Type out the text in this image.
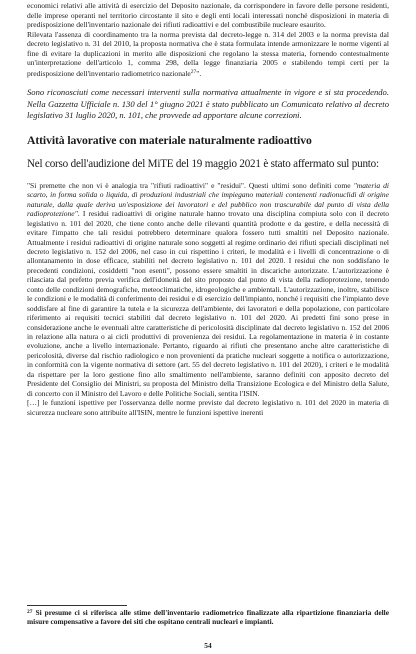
economici relativi alle attività di esercizio del Deposito nazionale, da corrispondere in favore delle persone residenti, delle imprese operanti nel territorio circostante il sito e degli enti locali interessati nonché disposizioni in materia di predisposizione dell'inventario nazionale dei rifiuti radioattivi e del combustibile nucleare esaurito.

Rilevata l'assenza di coordinamento tra la norma prevista dal decreto-legge n. 314 del 2003 e la norma prevista dal decreto legislativo n. 31 del 2010, la proposta normativa che è stata formulata intende armonizzare le norme vigenti al fine di evitare la duplicazioni in merito alle disposizioni che regolano la stessa materia, fornendo contestualmente un'interpretazione dell'articolo 1, comma 298, della legge finanziaria 2005 e stabilendo tempi certi per la predisposizione dell'inventario radiometrico nazionale$^{27}$".

Sono riconosciuti come necessari interventi sulla normativa attualmente in vigore e si sta procedendo. Nella Gazzetta Ufficiale n. 130 del 1° giugno 2021 è stato pubblicato un Comunicato relativo al decreto legislativo 31 luglio 2020, n. 101, che provvede ad apportare alcune correzioni.

Attività lavorative con materiale naturalmente radioattivo
Nel corso dell'audizione del MiTE del 19 maggio 2021 è stato affermato sul punto:

"Si premette che non vi è analogia tra "rifiuti radioattivi" e "residui". Questi ultimi sono definiti come "materia di scarto, in forma solida o liquida, di produzioni industriali che impiegano materiali contenenti radionuclidi di origine naturale, dalla quale deriva un'esposizione dei lavoratori e del pubblico non trascurabile dal punto di vista della radioprotezione". I residui radioattivi di origine naturale hanno trovato una disciplina compiuta solo con il decreto legislativo n. 101 del 2020, che tiene conto anche delle rilevanti quantità prodotte e da gestire, e della necessità di evitare l'impatto che tali residui potrebbero determinare qualora fossero tutti smaltiti nel Deposito nazionale. Attualmente i residui radioattivi di origine naturale sono soggetti al regime ordinario dei rifiuti speciali disciplinati nel decreto legislativo n. 152 del 2006, nel caso in cui rispettino i criteri, le modalità e i livelli di concentrazione o di allontanamento in dose efficace, stabiliti nel decreto legislativo n. 101 del 2020. I residui che non soddisfano le precedenti condizioni, cosiddetti "non esenti", possono essere smaltiti in discariche autorizzate. L'autorizzazione è rilasciata dal prefetto previa verifica dell'idoneità del sito proposto dal punto di vista della radioprotezione, tenendo conto delle condizioni demografiche, meteoclimatiche, idrogeologiche e ambientali. L'autorizzazione, inoltre, stabilisce le condizioni e le modalità di conferimento dei residui e di esercizio dell'impianto, nonché i requisiti che l'impianto deve soddisfare al fine di garantire la tutela e la sicurezza dell'ambiente, dei lavoratori e della popolazione, con particolare riferimento ai requisiti tecnici stabiliti dal decreto legislativo n. 101 del 2020. Ai predetti fini sono prese in considerazione anche le eventuali altre caratteristiche di pericolosità disciplinate dal decreto legislativo n. 152 del 2006 in relazione alla natura o ai cicli produttivi di provenienza dei residui. La regolamentazione in materia è in costante evoluzione, anche a livello internazionale. Pertanto, riguardo ai rifiuti che presentano anche altre caratteristiche di pericolosità, diverse dal rischio radiologico e non provenienti da pratiche nucleari soggette a notifica o autorizzazione, in conformità con la vigente normativa di settore (art. 55 del decreto legislativo n. 101 del 2020), i criteri e le modalità da rispettare per la loro gestione fino allo smaltimento nell'ambiente, saranno definiti con apposito decreto del Presidente del Consiglio dei Ministri, su proposta del Ministro della Transizione Ecologica e del Ministro della Salute, di concerto con il Ministro del Lavoro e delle Politiche Sociali, sentita l'ISIN.

[…] le funzioni ispettive per l'osservanza delle norme previste dal decreto legislativo n. 101 del 2020 in materia di sicurezza nucleare sono attribuite all'ISIN, mentre le funzioni ispettive inerenti

$^{27}$ Si presume ci si riferisca alle stime dell'inventario radiometrico finalizzate alla ripartizione finanziaria delle misure compensative a favore dei siti che ospitano centrali nucleari e impianti.
54
